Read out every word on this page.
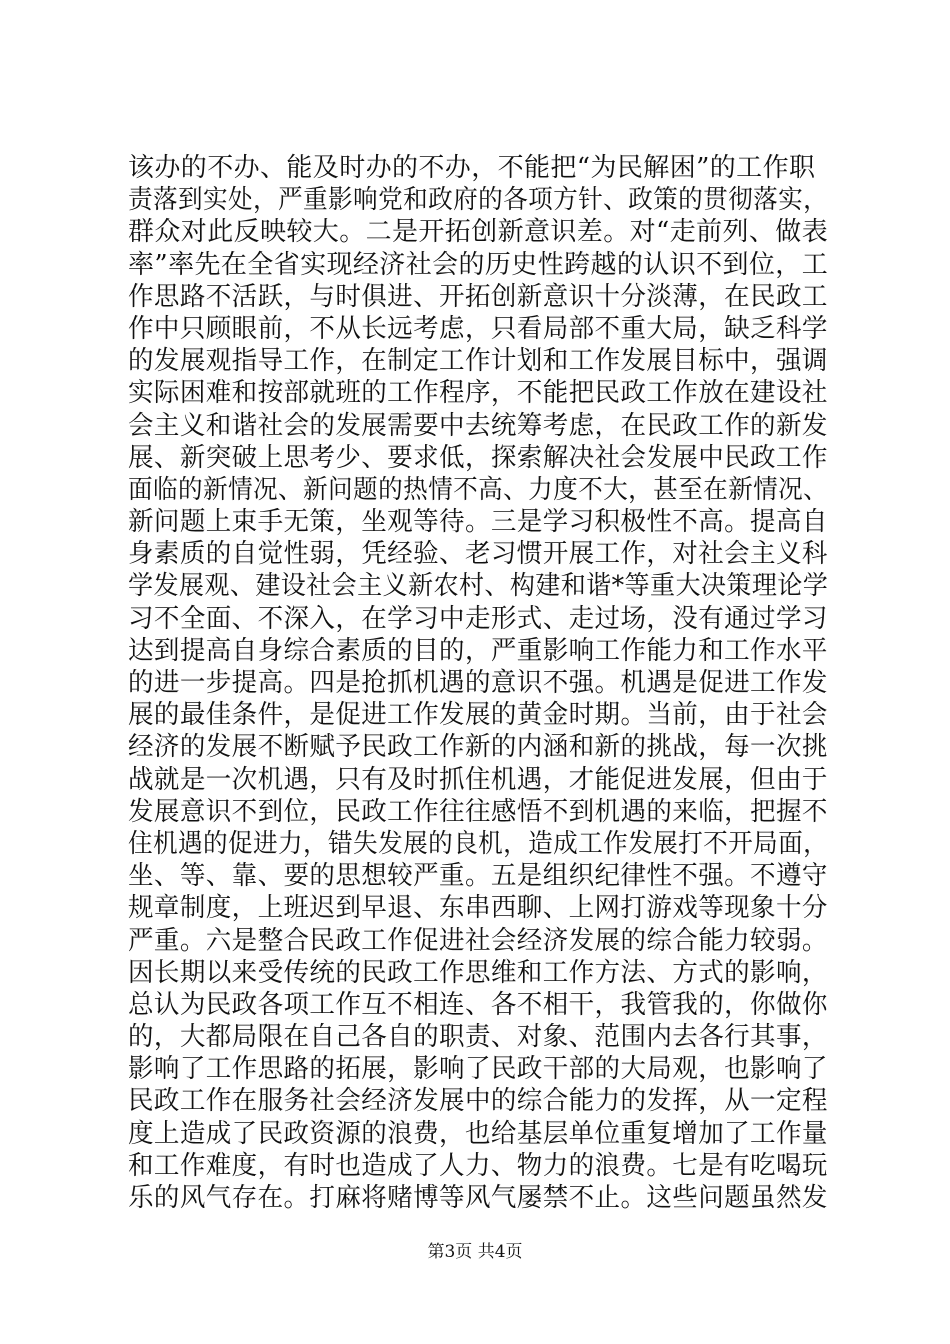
该办的不办、能及时办的不办，不能把“为民解困”的工作职
责落到实处，严重影响党和政府的各项方针、政策的贯彻落实，
群众对此反映较大。二是开拓创新意识差。对“走前列、做表
率”率先在全省实现经济社会的历史性跨越的认识不到位，工
作思路不活跃，与时俱进、开拓创新意识十分淡薄，在民政工
作中只顾眼前，不从长远考虑，只看局部不重大局，缺乏科学
的发展观指导工作，在制定工作计划和工作发展目标中，强调
实际困难和按部就班的工作程序，不能把民政工作放在建设社
会主义和谐社会的发展需要中去统筹考虑，在民政工作的新发
展、新突破上思考少、要求低，探索解决社会发展中民政工作
面临的新情况、新问题的热情不高、力度不大，甚至在新情况、
新问题上束手无策，坐观等待。三是学习积极性不高。提高自
身素质的自觉性弱，凭经验、老习惯开展工作，对社会主义科
学发展观、建设社会主义新农村、构建和谐*等重大决策理论学
习不全面、不深入，在学习中走形式、走过场，没有通过学习
达到提高自身综合素质的目的，严重影响工作能力和工作水平
的进一步提高。四是抢抓机遇的意识不强。机遇是促进工作发
展的最佳条件，是促进工作发展的黄金时期。当前，由于社会
经济的发展不断赋予民政工作新的内涵和新的挑战，每一次挑
战就是一次机遇，只有及时抓住机遇，才能促进发展，但由于
发展意识不到位，民政工作往往感悟不到机遇的来临，把握不
住机遇的促进力，错失发展的良机，造成工作发展打不开局面，
坐、等、靠、要的思想较严重。五是组织纪律性不强。不遵守
规章制度，上班迟到早退、东串西聊、上网打游戏等现象十分
严重。六是整合民政工作促进社会经济发展的综合能力较弱。
因长期以来受传统的民政工作思维和工作方法、方式的影响，
总认为民政各项工作互不相连、各不相干，我管我的，你做你
的，大都局限在自己各自的职责、对象、范围内去各行其事，
影响了工作思路的拓展，影响了民政干部的大局观，也影响了
民政工作在服务社会经济发展中的综合能力的发挥，从一定程
度上造成了民政资源的浪费，也给基层单位重复增加了工作量
和工作难度，有时也造成了人力、物力的浪费。七是有吃喝玩
乐的风气存在。打麻将赌博等风气屡禁不止。这些问题虽然发
第3页 共4页
